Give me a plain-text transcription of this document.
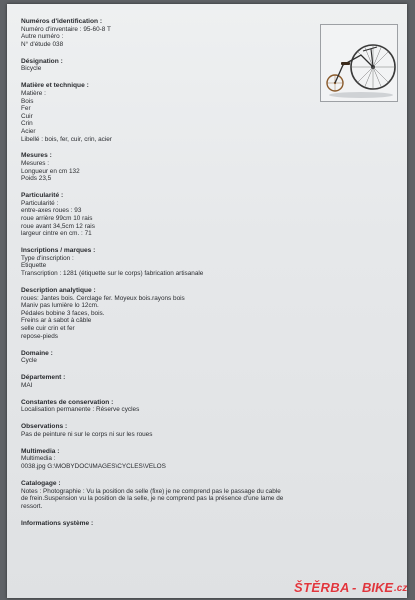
Numéros d'identification :
Numéro d'inventaire : 95-60-8 T
Autre numéro :
N° d'étude 038
Désignation :
Bicycle
Matière et technique :
Matière :
Bois
Fer
Cuir
Crin
Acier
Libellé : bois, fer, cuir, crin, acier
Mesures :
Mesures :
Longueur en cm 132
Poids 23,5
Particularité :
Particularité :
entre-axes roues : 93
roue arrière 99cm 10 rais
roue avant 34,5cm 12 rais
largeur cintre en cm. : 71
Inscriptions / marques :
Type d'inscription :
Etiquette
Transcription : 1281 (étiquette sur le corps) fabrication artisanale
Description analytique :
roues: Jantes bois. Cerclage fer. Moyeux bois.rayons bois
Maniv pas lumière lo 12cm.
Pédales bobine 3 faces, bois.
Freins ar à sabot à câble
selle cuir crin et fer
repose-pieds
Domaine :
Cycle
Département :
MAI
Constantes de conservation :
Localisation permanente : Réserve cycles
Observations :
Pas de peinture ni sur le corps ni sur les roues
Multimedia :
Multimedia :
0038.jpg G:\MOBYDOC\IMAGES\CYCLES\VELOS
Catalogage :
Notes : Photographie : Vu la position de selle (fixe) je ne comprend pas le passage du cable
de frein.Suspension vu la position de la selle, je ne comprend pas la présence d'une lame de
ressort.
Informations système :
ŠTĚRBA - BIKE .cz
